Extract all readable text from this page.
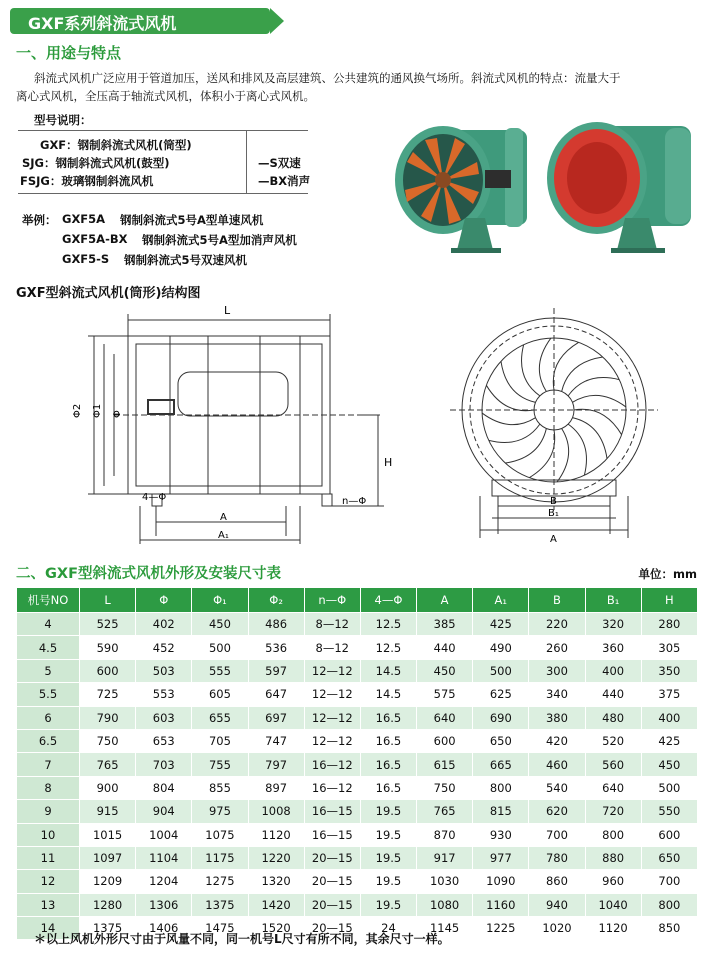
GXF系列斜流式风机
一、用途与特点
斜流式风机广泛应用于管道加压，送风和排风及高层建筑、公共建筑的通风换气场所。斜流式风机的特点：流量大于
离心式风机，全压高于轴流式风机，体积小于离心式风机。
型号说明：
GXF：钢制斜流式风机(筒型)
SJG：钢制斜流式风机(鼓型)
FSJG：玻璃钢制斜流风机
—S双速
—BX消声
举例： GXF5A 钢制斜流式5号A型单速风机
GXF5A-BX 钢制斜流式5号A型加消声风机
GXF5-S 钢制斜流式5号双速风机
GXF型斜流式风机(筒形)结构图
L
Φ2 Φ1 Φ
4—Φ	n—Φ
H
A
A₁
B
B₁
A
二、GXF型斜流式风机外形及安装尺寸表	单位：mm
机号NO	L	Φ	Φ₁	Φ₂	n—Φ	4—Φ	A	A₁	B	B₁	H
4	525	402	450	486	8—12	12.5	385	425	220	320	280
4.5	590	452	500	536	8—12	12.5	440	490	260	360	305
5	600	503	555	597	12—12	14.5	450	500	300	400	350
5.5	725	553	605	647	12—12	14.5	575	625	340	440	375
6	790	603	655	697	12—12	16.5	640	690	380	480	400
6.5	750	653	705	747	12—12	16.5	600	650	420	520	425
7	765	703	755	797	16—12	16.5	615	665	460	560	450
8	900	804	855	897	16—12	16.5	750	800	540	640	500
9	915	904	975	1008	16—15	19.5	765	815	620	720	550
10	1015	1004	1075	1120	16—15	19.5	870	930	700	800	600
11	1097	1104	1175	1220	20—15	19.5	917	977	780	880	650
12	1209	1204	1275	1320	20—15	19.5	1030	1090	860	960	700
13	1280	1306	1375	1420	20—15	19.5	1080	1160	940	1040	800
14	1375	1406	1475	1520	20—15	24	1145	1225	1020	1120	850
＊以上风机外形尺寸由于风量不同，同一机号L尺寸有所不同，其余尺寸一样。
